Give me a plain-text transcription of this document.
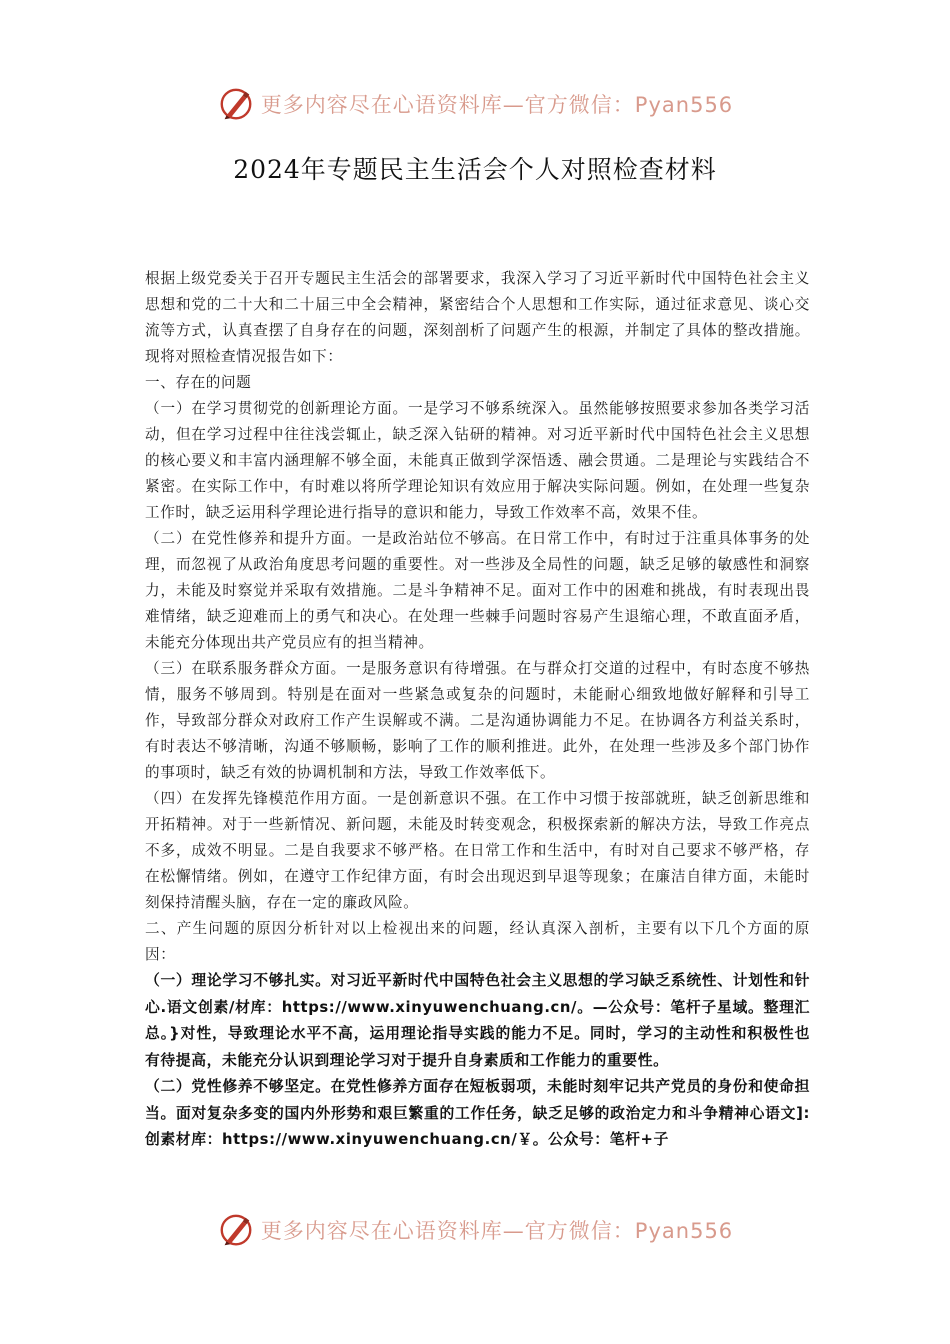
更多内容尽在心语资料库—官方微信：Pyan556
2024年专题民主生活会个人对照检查材料

根据上级党委关于召开专题民主生活会的部署要求，我深入学习了习近平新时代中国特色社会主义思想和党的二十大和二十届三中全会精神，紧密结合个人思想和工作实际，通过征求意见、谈心交流等方式，认真查摆了自身存在的问题，深刻剖析了问题产生的根源，并制定了具体的整改措施。现将对照检查情况报告如下：

一、存在的问题

（一）在学习贯彻党的创新理论方面。一是学习不够系统深入。虽然能够按照要求参加各类学习活动，但在学习过程中往往浅尝辄止，缺乏深入钻研的精神。对习近平新时代中国特色社会主义思想的核心要义和丰富内涵理解不够全面，未能真正做到学深悟透、融会贯通。二是理论与实践结合不紧密。在实际工作中，有时难以将所学理论知识有效应用于解决实际问题。例如，在处理一些复杂工作时，缺乏运用科学理论进行指导的意识和能力，导致工作效率不高，效果不佳。

（二）在党性修养和提升方面。一是政治站位不够高。在日常工作中，有时过于注重具体事务的处理，而忽视了从政治角度思考问题的重要性。对一些涉及全局性的问题，缺乏足够的敏感性和洞察力，未能及时察觉并采取有效措施。二是斗争精神不足。面对工作中的困难和挑战，有时表现出畏难情绪，缺乏迎难而上的勇气和决心。在处理一些棘手问题时容易产生退缩心理，不敢直面矛盾，未能充分体现出共产党员应有的担当精神。

（三）在联系服务群众方面。一是服务意识有待增强。在与群众打交道的过程中，有时态度不够热情，服务不够周到。特别是在面对一些紧急或复杂的问题时，未能耐心细致地做好解释和引导工作，导致部分群众对政府工作产生误解或不满。二是沟通协调能力不足。在协调各方利益关系时，有时表达不够清晰，沟通不够顺畅，影响了工作的顺利推进。此外，在处理一些涉及多个部门协作的事项时，缺乏有效的协调机制和方法，导致工作效率低下。

（四）在发挥先锋模范作用方面。一是创新意识不强。在工作中习惯于按部就班，缺乏创新思维和开拓精神。对于一些新情况、新问题，未能及时转变观念，积极探索新的解决方法，导致工作亮点不多，成效不明显。二是自我要求不够严格。在日常工作和生活中，有时对自己要求不够严格，存在松懈情绪。例如，在遵守工作纪律方面，有时会出现迟到早退等现象；在廉洁自律方面，未能时刻保持清醒头脑，存在一定的廉政风险。

二、产生问题的原因分析针对以上检视出来的问题，经认真深入剖析，主要有以下几个方面的原因：

（一）理论学习不够扎实。对习近平新时代中国特色社会主义思想的学习缺乏系统性、计划性和针心.语文创素/材库：https://www.xinyuwenchuang.cn/。—公众号：笔杆子星域。整理汇总。}对性，导致理论水平不高，运用理论指导实践的能力不足。同时，学习的主动性和积极性也有待提高，未能充分认识到理论学习对于提升自身素质和工作能力的重要性。

（二）党性修养不够坚定。在党性修养方面存在短板弱项，未能时刻牢记共产党员的身份和使命担当。面对复杂多变的国内外形势和艰巨繁重的工作任务，缺乏足够的政治定力和斗争精神心语文]:创素材库：https://www.xinyuwenchuang.cn/￥。公众号：笔杆+子

更多内容尽在心语资料库—官方微信：Pyan556
